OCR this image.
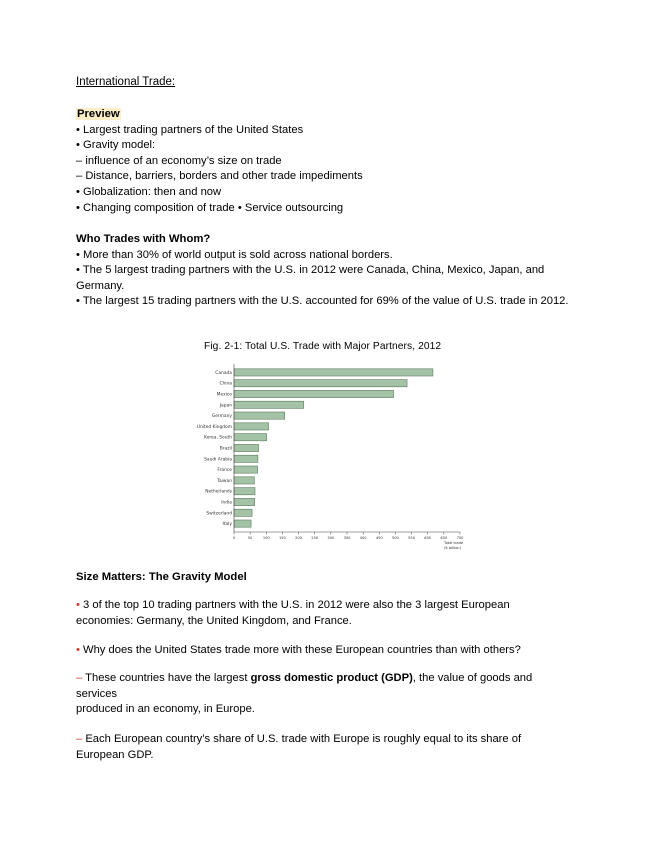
International Trade:
Preview
• Largest trading partners of the United States
• Gravity model:
– influence of an economy’s size on trade
– Distance, barriers, borders and other trade impediments
• Globalization: then and now
• Changing composition of trade • Service outsourcing
Who Trades with Whom?
• More than 30% of world output is sold across national borders.
• The 5 largest trading partners with the U.S. in 2012 were Canada, China, Mexico, Japan, and Germany.
• The largest 15 trading partners with the U.S. accounted for 69% of the value of U.S. trade in 2012.
Fig. 2-1: Total U.S. Trade with Major Partners, 2012
Canada
China
Mexico
Japan
Germany
United Kingdom
Korea, South
Brazil
Saudi Arabia
France
Taiwan
Netherlands
India
Switzerland
Italy
0	50	100	150	200	250	300	350	400	450	500	550	600	650	700
Total trade
($ billion)
Size Matters: The Gravity Model
• 3 of the top 10 trading partners with the U.S. in 2012 were also the 3 largest European economies: Germany, the United Kingdom, and France.
• Why does the United States trade more with these European countries than with others?
– These countries have the largest gross domestic product (GDP), the value of goods and services
produced in an economy, in Europe.
– Each European country’s share of U.S. trade with Europe is roughly equal to its share of European GDP.
